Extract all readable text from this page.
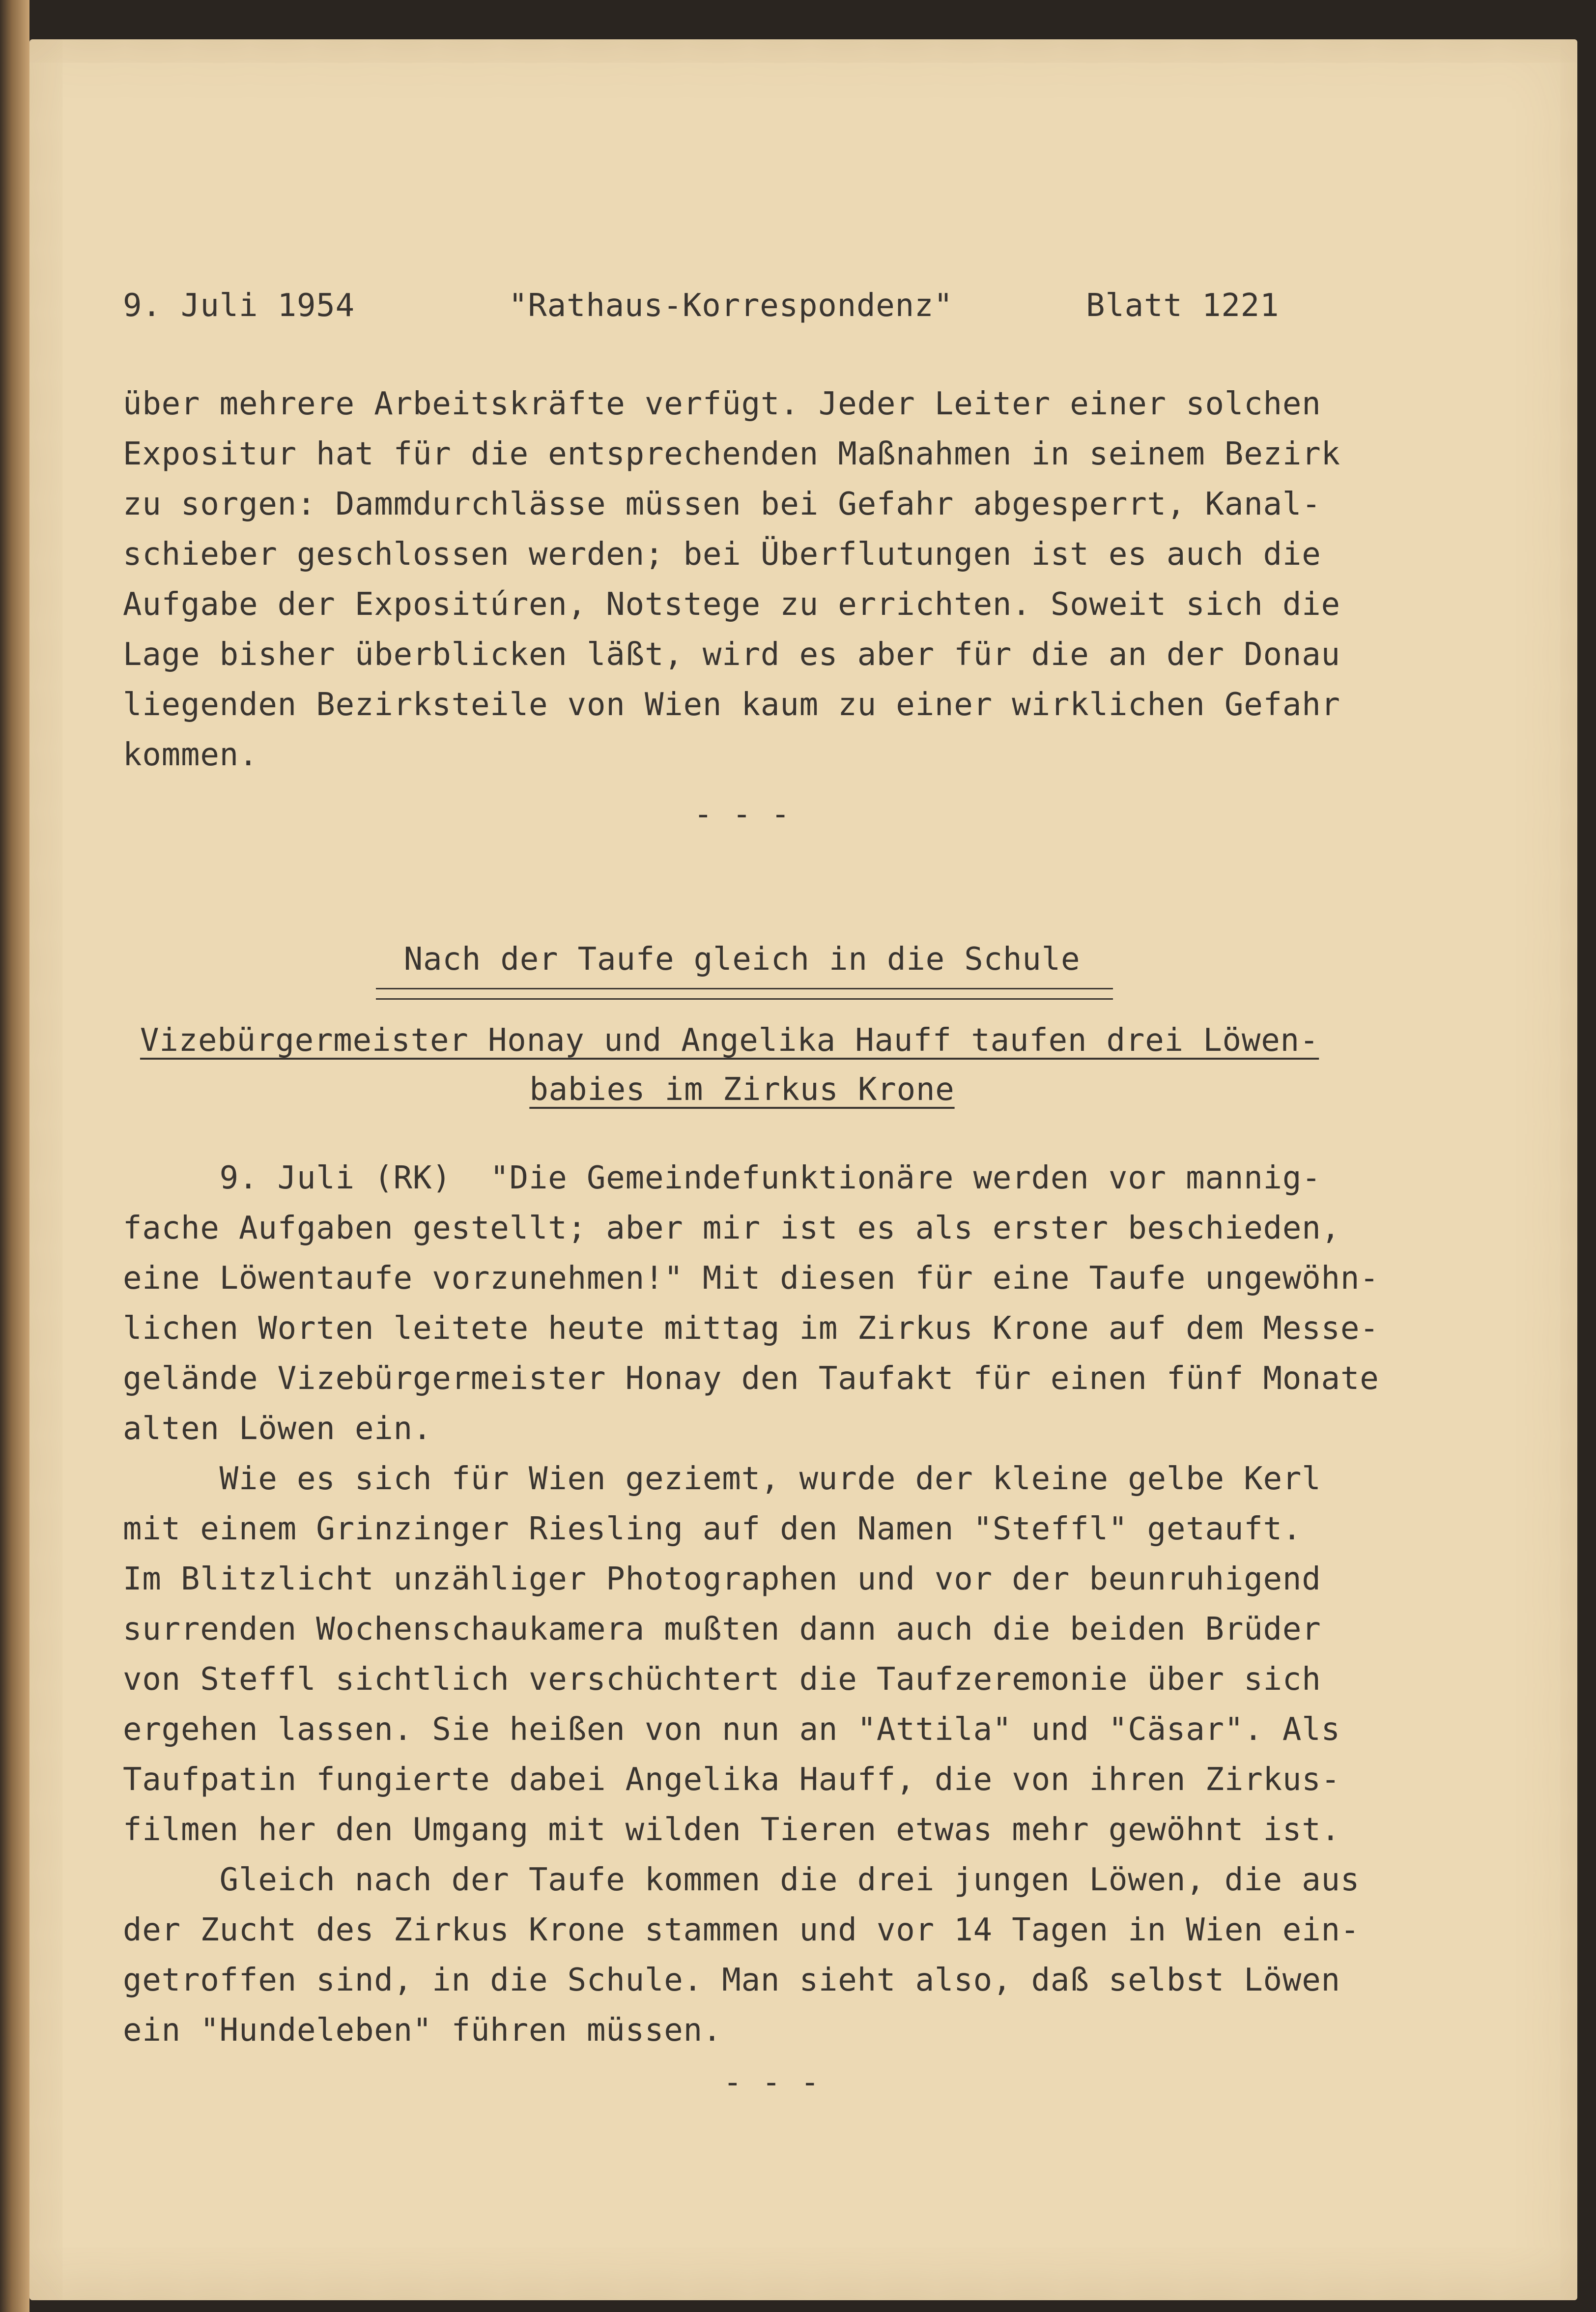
9. Juli 1954	"Rathaus-Korrespondenz"	Blatt 1221
über mehrere Arbeitskräfte verfügt. Jeder Leiter einer solchen
Expositur hat für die entsprechenden Maßnahmen in seinem Bezirk
zu sorgen: Dammdurchlässe müssen bei Gefahr abgesperrt, Kanal-
schieber geschlossen werden; bei Überflutungen ist es auch die
Aufgabe der Expositúren, Notstege zu errichten. Soweit sich die
Lage bisher überblicken läßt, wird es aber für die an der Donau
liegenden Bezirksteile von Wien kaum zu einer wirklichen Gefahr
kommen.
- - -
Nach der Taufe gleich in die Schule
Vizebürgermeister Honay und Angelika Hauff taufen drei Löwen-
babies im Zirkus Krone
9. Juli (RK)  "Die Gemeindefunktionäre werden vor mannig-
fache Aufgaben gestellt; aber mir ist es als erster beschieden,
eine Löwentaufe vorzunehmen!" Mit diesen für eine Taufe ungewöhn-
lichen Worten leitete heute mittag im Zirkus Krone auf dem Messe-
gelände Vizebürgermeister Honay den Taufakt für einen fünf Monate
alten Löwen ein.
Wie es sich für Wien geziemt, wurde der kleine gelbe Kerl
mit einem Grinzinger Riesling auf den Namen "Steffl" getauft.
Im Blitzlicht unzähliger Photographen und vor der beunruhigend
surrenden Wochenschaukamera mußten dann auch die beiden Brüder
von Steffl sichtlich verschüchtert die Taufzeremonie über sich
ergehen lassen. Sie heißen von nun an "Attila" und "Cäsar". Als
Taufpatin fungierte dabei Angelika Hauff, die von ihren Zirkus-
filmen her den Umgang mit wilden Tieren etwas mehr gewöhnt ist.
Gleich nach der Taufe kommen die drei jungen Löwen, die aus
der Zucht des Zirkus Krone stammen und vor 14 Tagen in Wien ein-
getroffen sind, in die Schule. Man sieht also, daß selbst Löwen
ein "Hundeleben" führen müssen.
- - -
